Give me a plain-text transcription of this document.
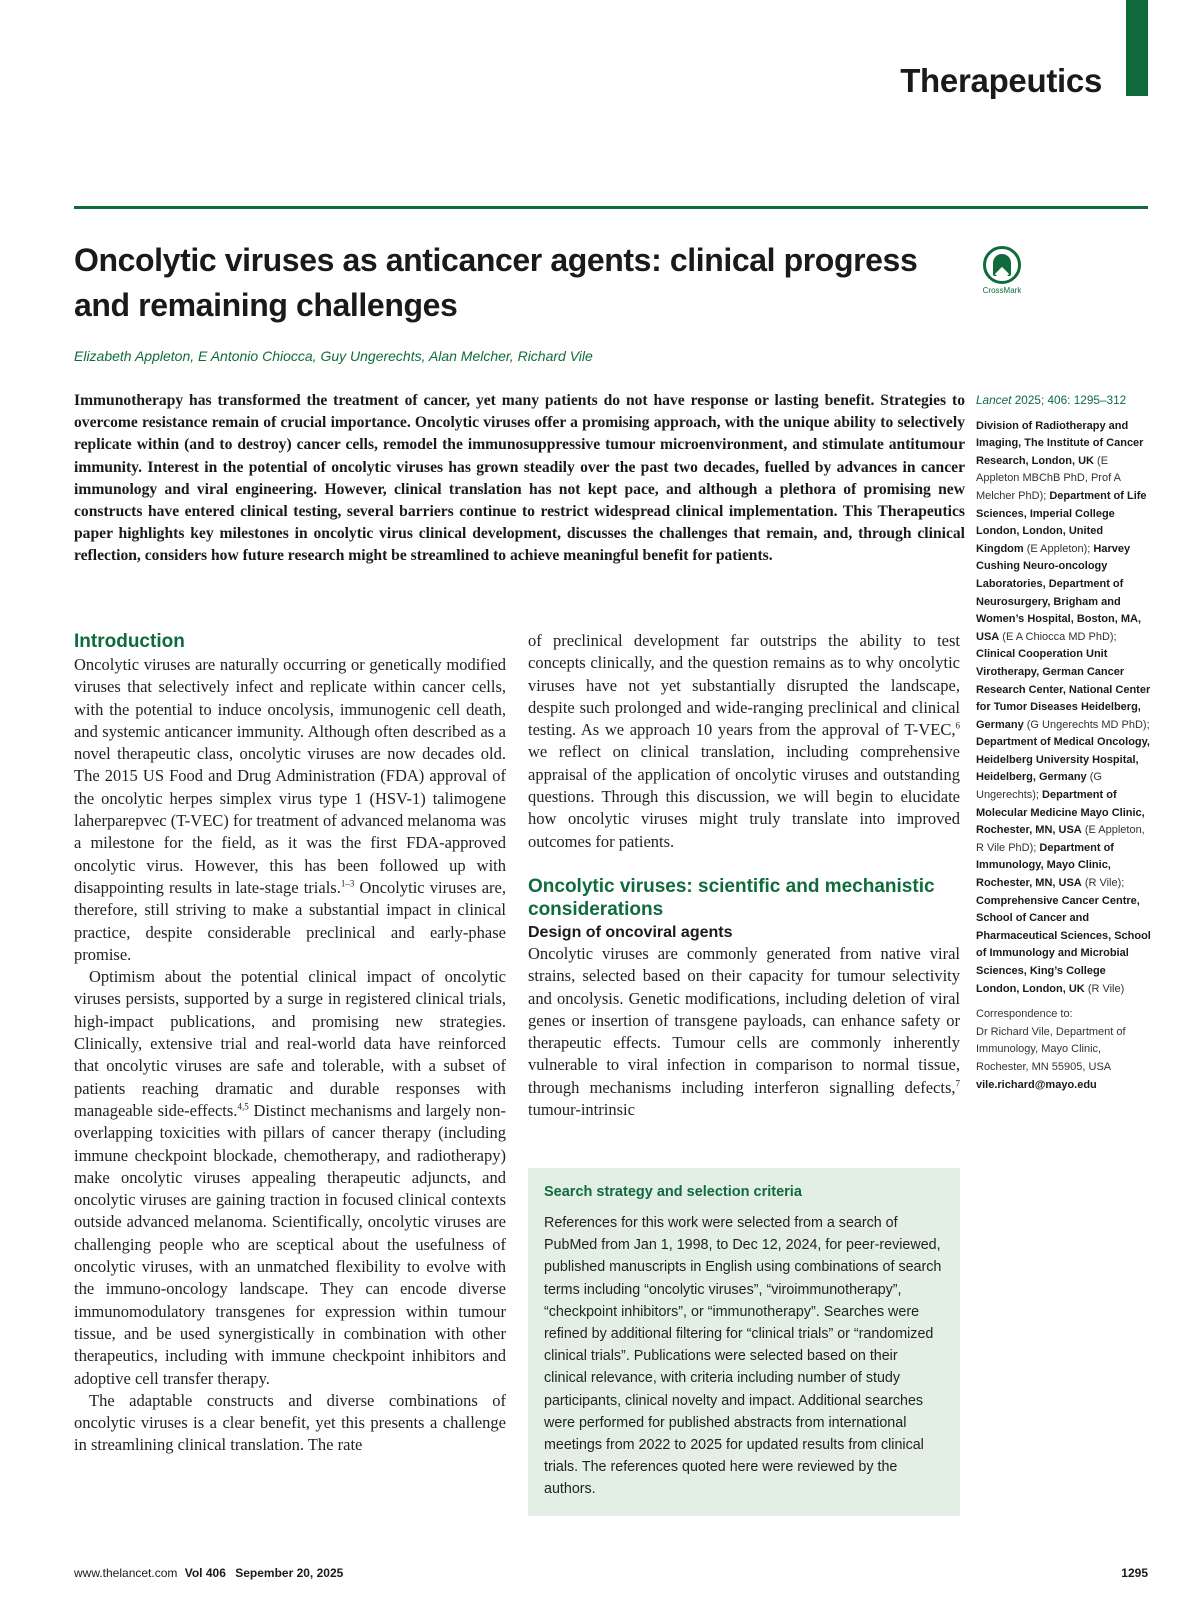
Therapeutics
Oncolytic viruses as anticancer agents: clinical progress and remaining challenges	CrossMark
Elizabeth Appleton, E Antonio Chiocca, Guy Ungerechts, Alan Melcher, Richard Vile
Immunotherapy has transformed the treatment of cancer, yet many patients do not have response or lasting benefit. Strategies to overcome resistance remain of crucial importance. Oncolytic viruses offer a promising approach, with the unique ability to selectively replicate within (and to destroy) cancer cells, remodel the immunosuppressive tumour microenvironment, and stimulate antitumour immunity. Interest in the potential of oncolytic viruses has grown steadily over the past two decades, fuelled by advances in cancer immunology and viral engineering. However, clinical translation has not kept pace, and although a plethora of promising new constructs have entered clinical testing, several barriers continue to restrict widespread clinical implementation. This Therapeutics paper highlights key milestones in oncolytic virus clinical development, discusses the challenges that remain, and, through clinical reflection, considers how future research might be streamlined to achieve meaningful benefit for patients.
Introduction

Oncolytic viruses are naturally occurring or genetically modified viruses that selectively infect and replicate within cancer cells, with the potential to induce oncolysis, immunogenic cell death, and systemic anticancer immunity. Although often described as a novel therapeutic class, oncolytic viruses are now decades old. The 2015 US Food and Drug Administration (FDA) approval of the oncolytic herpes simplex virus type 1 (HSV-1) talimogene laherparepvec (T-VEC) for treatment of advanced melanoma was a milestone for the field, as it was the first FDA-approved oncolytic virus. However, this has been followed up with disappointing results in late-stage trials.$^{1-3}$ Oncolytic viruses are, therefore, still striving to make a substantial impact in clinical practice, despite considerable preclinical and early-phase promise.

Optimism about the potential clinical impact of oncolytic viruses persists, supported by a surge in registered clinical trials, high-impact publications, and promising new strategies. Clinically, extensive trial and real-world data have reinforced that oncolytic viruses are safe and tolerable, with a subset of patients reaching dramatic and durable responses with manageable side-effects.$^{4,5}$ Distinct mechanisms and largely non-overlapping toxicities with pillars of cancer therapy (including immune checkpoint blockade, chemotherapy, and radiotherapy) make oncolytic viruses appealing therapeutic adjuncts, and oncolytic viruses are gaining traction in focused clinical contexts outside advanced melanoma. Scientifically, oncolytic viruses are challenging people who are sceptical about the usefulness of oncolytic viruses, with an unmatched flexibility to evolve with the immuno-oncology landscape. They can encode diverse immunomodulatory transgenes for expression within tumour tissue, and be used synergistically in combination with other therapeutics, including with immune checkpoint inhibitors and adoptive cell transfer therapy.

The adaptable constructs and diverse combinations of oncolytic viruses is a clear benefit, yet this presents a challenge in streamlining clinical translation. The rate

of preclinical development far outstrips the ability to test concepts clinically, and the question remains as to why oncolytic viruses have not yet substantially disrupted the landscape, despite such prolonged and wide-ranging preclinical and clinical testing. As we approach 10 years from the approval of T-VEC,$^6$ we reflect on clinical translation, including comprehensive appraisal of the application of oncolytic viruses and outstanding questions. Through this discussion, we will begin to elucidate how oncolytic viruses might truly translate into improved outcomes for patients.

Oncolytic viruses: scientific and mechanistic considerations
Design of oncoviral agents

Oncolytic viruses are commonly generated from native viral strains, selected based on their capacity for tumour selectivity and oncolysis. Genetic modifications, including deletion of viral genes or insertion of transgene payloads, can enhance safety or therapeutic effects. Tumour cells are commonly inherently vulnerable to viral infection in comparison to normal tissue, through mechanisms including interferon signalling defects,$^7$ tumour-intrinsic

Search strategy and selection criteria
References for this work were selected from a search of PubMed from Jan 1, 1998, to Dec 12, 2024, for peer-reviewed, published manuscripts in English using combinations of search terms including “oncolytic viruses”, “viroimmunotherapy”, “checkpoint inhibitors”, or “immunotherapy”. Searches were refined by additional filtering for “clinical trials” or “randomized clinical trials”. Publications were selected based on their clinical relevance, with criteria including number of study participants, clinical novelty and impact. Additional searches were performed for published abstracts from international meetings from 2022 to 2025 for updated results from clinical trials. The references quoted here were reviewed by the authors.
Lancet 2025; 406: 1295–312
Division of Radiotherapy and Imaging, The Institute of Cancer Research, London, UK (E Appleton MBChB PhD, Prof A Melcher PhD); Department of Life Sciences, Imperial College London, London, United Kingdom (E Appleton); Harvey Cushing Neuro-oncology Laboratories, Department of Neurosurgery, Brigham and Women’s Hospital, Boston, MA, USA (E A Chiocca MD PhD); Clinical Cooperation Unit Virotherapy, German Cancer Research Center, National Center for Tumor Diseases Heidelberg, Germany (G Ungerechts MD PhD); Department of Medical Oncology, Heidelberg University Hospital, Heidelberg, Germany (G Ungerechts); Department of Molecular Medicine Mayo Clinic, Rochester, MN, USA (E Appleton, R Vile PhD); Department of Immunology, Mayo Clinic, Rochester, MN, USA (R Vile); Comprehensive Cancer Centre, School of Cancer and Pharmaceutical Sciences, School of Immunology and Microbial Sciences, King’s College London, London, UK (R Vile)
Correspondence to:
Dr Richard Vile, Department of Immunology, Mayo Clinic, Rochester, MN 55905, USA
vile.richard@mayo.edu
www.thelancet.com Vol 406 Sepember 20, 2025	1295
